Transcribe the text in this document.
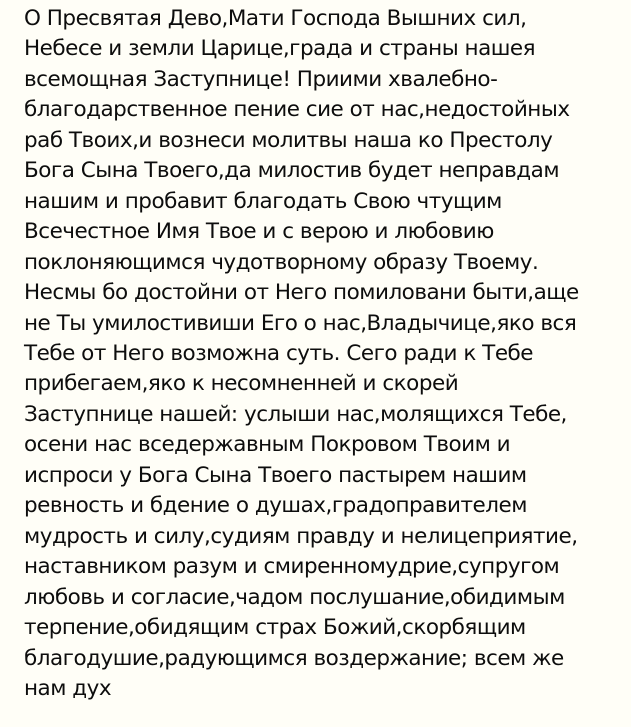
О Пресвятая Дево,Мати Господа Вышних сил,
Небесе и земли Царице,града и страны нашея
всемощная Заступнице! Приими хвалебно-
благодарственное пение сие от нас,недостойных
раб Твоих,и вознеси молитвы наша ко Престолу
Бога Сына Твоего,да милостив будет неправдам
нашим и пробавит благодать Свою чтущим
Всечестное Имя Твое и с верою и любовию
поклоняющимся чудотворному образу Твоему.
Несмы бо достойни от Него помиловани быти,аще
не Ты умилостивиши Его о нас,Владычице,яко вся
Тебе от Него возможна суть. Сего ради к Тебе
прибегаем,яко к несомненней и скорей
Заступнице нашей: услыши нас,молящихся Тебе,
осени нас вседержавным Покровом Твоим и
испроси у Бога Сына Твоего пастырем нашим
ревность и бдение о душах,градоправителем
мудрость и силу,судиям правду и нелицеприятие,
наставником разум и смиренномудрие,супругом
любовь и согласие,чадом послушание,обидимым
терпение,обидящим страх Божий,скорбящим
благодушие,радующимся воздержание; всем же
нам дух
